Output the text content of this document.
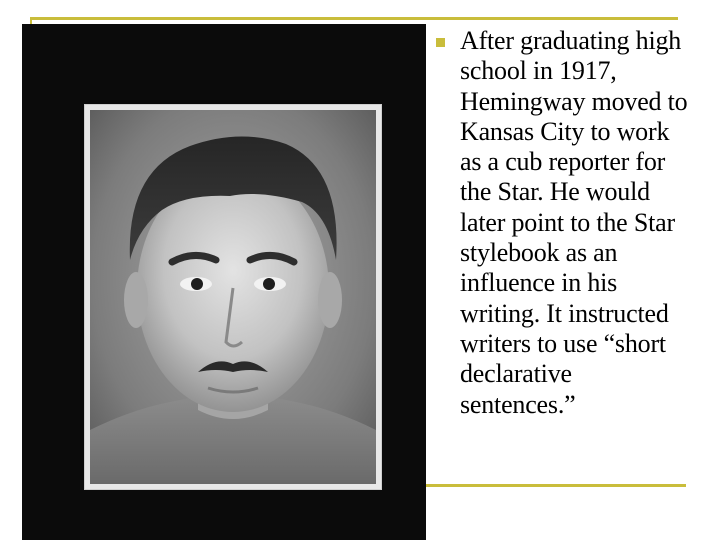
After graduating high school in 1917, Hemingway moved to Kansas City to work as a cub reporter for the Star. He would later point to the Star stylebook as an influence in his writing. It instructed writers to use “short declarative sentences.”
